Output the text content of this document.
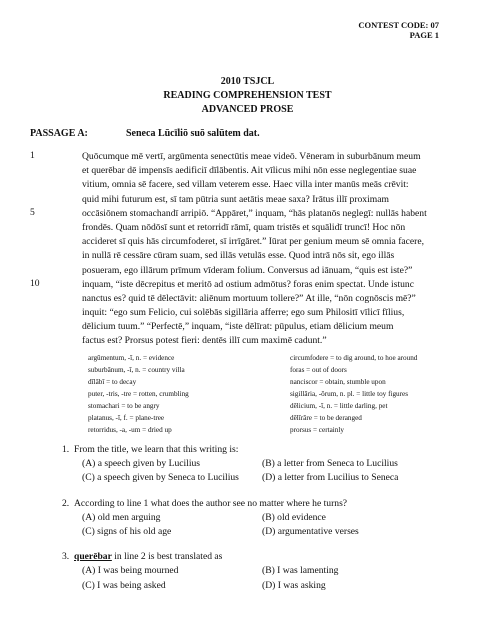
CONTEST CODE: 07
PAGE 1
2010 TSJCL
READING COMPREHENSION TEST
ADVANCED PROSE
PASSAGE A:	Seneca Lūcīliō suō salūtem dat.
1
5
10
Quōcumque mē vertī, argūmenta senectūtis meae videō. Vēneram in suburbānum meum
et querēbar dē impensīs aedificiī dīlābentis. Ait vīlicus mihi nōn esse neglegentiae suae
vitium, omnia sē facere, sed villam veterem esse. Haec villa inter manūs meās crēvit:
quid mihi futurum est, sī tam pūtria sunt aetātis meae saxa? Irātus illī proximam
occāsiōnem stomachandī arripiō. “Appāret,” inquam, “hās platanōs neglegī: nullās habent
frondēs. Quam nōdōsī sunt et retorridī rāmī, quam tristēs et squālidī truncī! Hoc nōn
accideret sī quis hās circumfoderet, sī irrīgāret.” Iūrat per genium meum sē omnia facere,
in nullā rē cessāre cūram suam, sed illās vetulās esse. Quod intrā nōs sit, ego illās
posueram, ego illārum prīmum vīderam folium. Conversus ad iānuam, “quis est iste?”
inquam, “iste dēcrepitus et meritō ad ostium admōtus? foras enim spectat. Unde istunc
nanctus es? quid tē dēlectāvit: aliēnum mortuum tollere?” At ille, “nōn cognōscis mē?”
inquit: “ego sum Felicio, cui solēbās sigillāria afferre; ego sum Philositī vīlicī fīlius,
dēlicium tuum.” “Perfectē,” inquam, “iste dēlīrat: pūpulus, etiam dēlicium meum
factus est? Prorsus potest fieri: dentēs illī cum maximē cadunt.”
argūmentum, -ī, n. = evidence
suburbānum, -ī, n. = country villa
dīlābī = to decay
puter, -tris, -tre = rotten, crumbling
stomachari = to be angry
platanus, -ī, f. = plane-tree
retorridus, -a, -um = dried up
circumfodere = to dig around, to hoe around
foras = out of doors
nanciscor = obtain, stumble upon
sigillāria, -ōrum, n. pl. = little toy figures
dēlicium, -ī, n. = little darling, pet
dēlīrāre = to be deranged
prorsus = certainly
1. From the title, we learn that this writing is:
(A) a speech given by Lucilius	(B) a letter from Seneca to Lucilius
(C) a speech given by Seneca to Lucilius (D) a letter from Lucilius to Seneca
2. According to line 1 what does the author see no matter where he turns?
(A) old men arguing	(B) old evidence
(C) signs of his old age	(D) argumentative verses
3. querēbar in line 2 is best translated as
(A) I was being mourned	(B) I was lamenting
(C) I was being asked	(D) I was asking
